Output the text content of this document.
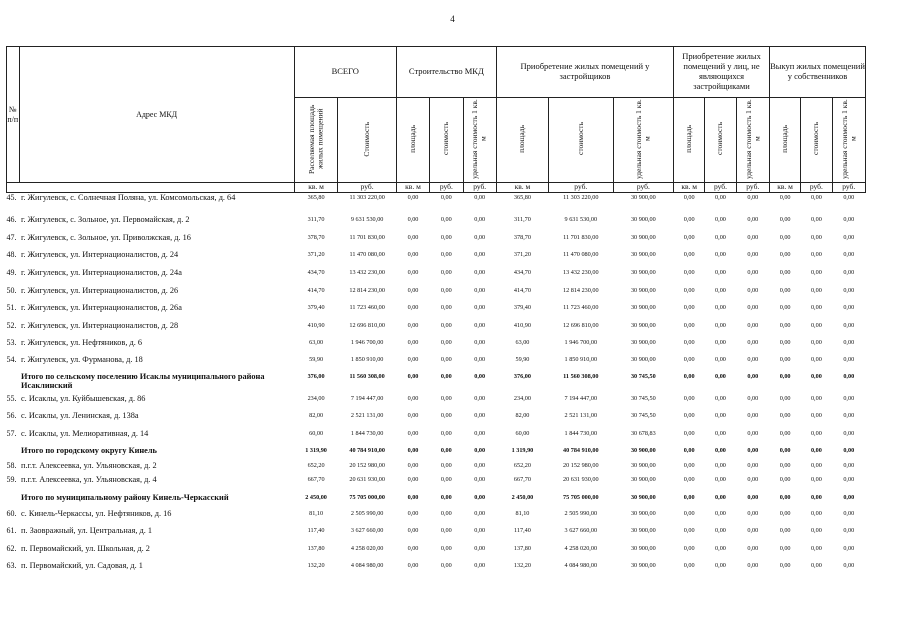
4
№ п/п	Адрес МКД	ВСЕГО		Строительство МКД			Приобретение жилых помещений у застройщиков			Приобретение жилых помещений у лиц, не являющихся застройщиками			Выкуп жилых помещений у собственников		
		Расселяемая площадь жилых помещений	Стоимость	площадь	стоимость	удельная стоимость 1 кв. м	площадь	стоимость	удельная стоимость 1 кв. м	площадь	стоимость	удельная стоимость 1 кв. м	площадь	стоимость	удельная стоимость 1 кв. м
		кв. м	руб.	кв. м	руб.	руб.	кв. м	руб.	руб.	кв. м	руб.	руб.	кв. м	руб.	руб.
45.	г. Жигулевск, с. Солнечная Поляна, ул. Комсомольская, д. 64	365,80	11 303 220,00	0,00	0,00	0,00	365,80	11 303 220,00	30 900,00	0,00	0,00	0,00	0,00	0,00	0,00
46.	г. Жигулевск, с. Зольное, ул. Первомайская, д. 2	311,70	9 631 530,00	0,00	0,00	0,00	311,70	9 631 530,00	30 900,00	0,00	0,00	0,00	0,00	0,00	0,00
47.	г. Жигулевск, с. Зольное, ул. Приволжская, д. 16	378,70	11 701 830,00	0,00	0,00	0,00	378,70	11 701 830,00	30 900,00	0,00	0,00	0,00	0,00	0,00	0,00
48.	г. Жигулевск, ул. Интернационалистов, д. 24	371,20	11 470 080,00	0,00	0,00	0,00	371,20	11 470 080,00	30 900,00	0,00	0,00	0,00	0,00	0,00	0,00
49.	г. Жигулевск, ул. Интернационалистов, д. 24а	434,70	13 432 230,00	0,00	0,00	0,00	434,70	13 432 230,00	30 900,00	0,00	0,00	0,00	0,00	0,00	0,00
50.	г. Жигулевск, ул. Интернационалистов, д. 26	414,70	12 814 230,00	0,00	0,00	0,00	414,70	12 814 230,00	30 900,00	0,00	0,00	0,00	0,00	0,00	0,00
51.	г. Жигулевск, ул. Интернационалистов, д. 26а	379,40	11 723 460,00	0,00	0,00	0,00	379,40	11 723 460,00	30 900,00	0,00	0,00	0,00	0,00	0,00	0,00
52.	г. Жигулевск, ул. Интернационалистов, д. 28	410,90	12 696 810,00	0,00	0,00	0,00	410,90	12 696 810,00	30 900,00	0,00	0,00	0,00	0,00	0,00	0,00
53.	г. Жигулевск, ул. Нефтяников, д. 6	63,00	1 946 700,00	0,00	0,00	0,00	63,00	1 946 700,00	30 900,00	0,00	0,00	0,00	0,00	0,00	0,00
54.	г. Жигулевск, ул. Фурманова, д. 18	59,90	1 850 910,00	0,00	0,00	0,00	59,90	1 850 910,00	30 900,00	0,00	0,00	0,00	0,00	0,00	0,00
	Итого по сельскому поселению Исаклы муниципального района Исаклинский	376,00	11 560 308,00	0,00	0,00	0,00	376,00	11 560 308,00	30 745,50	0,00	0,00	0,00	0,00	0,00	0,00
55.	с. Исаклы, ул. Куйбышевская, д. 86	234,00	7 194 447,00	0,00	0,00	0,00	234,00	7 194 447,00	30 745,50	0,00	0,00	0,00	0,00	0,00	0,00
56.	с. Исаклы, ул. Ленинская, д. 138а	82,00	2 521 131,00	0,00	0,00	0,00	82,00	2 521 131,00	30 745,50	0,00	0,00	0,00	0,00	0,00	0,00
57.	с. Исаклы, ул. Мелиоративная, д. 14	60,00	1 844 730,00	0,00	0,00	0,00	60,00	1 844 730,00	30 678,83	0,00	0,00	0,00	0,00	0,00	0,00
	Итого по городскому округу Кинель	1 319,90	40 784 910,00	0,00	0,00	0,00	1 319,90	40 784 910,00	30 900,00	0,00	0,00	0,00	0,00	0,00	0,00
58.	п.г.т. Алексеевка, ул. Ульяновская, д. 2	652,20	20 152 980,00	0,00	0,00	0,00	652,20	20 152 980,00	30 900,00	0,00	0,00	0,00	0,00	0,00	0,00
59.	п.г.т. Алексеевка, ул. Ульяновская, д. 4	667,70	20 631 930,00	0,00	0,00	0,00	667,70	20 631 930,00	30 900,00	0,00	0,00	0,00	0,00	0,00	0,00
	Итого по муниципальному району Кинель-Черкасский	2 450,00	75 705 000,00	0,00	0,00	0,00	2 450,00	75 705 000,00	30 900,00	0,00	0,00	0,00	0,00	0,00	0,00
60.	с. Кинель-Черкассы, ул. Нефтяников, д. 16	81,10	2 505 990,00	0,00	0,00	0,00	81,10	2 505 990,00	30 900,00	0,00	0,00	0,00	0,00	0,00	0,00
61.	п. Заовражный, ул. Центральная, д. 1	117,40	3 627 660,00	0,00	0,00	0,00	117,40	3 627 660,00	30 900,00	0,00	0,00	0,00	0,00	0,00	0,00
62.	п. Первомайский, ул. Школьная, д. 2	137,80	4 258 020,00	0,00	0,00	0,00	137,80	4 258 020,00	30 900,00	0,00	0,00	0,00	0,00	0,00	0,00
63.	п. Первомайский, ул. Садовая, д. 1	132,20	4 084 980,00	0,00	0,00	0,00	132,20	4 084 980,00	30 900,00	0,00	0,00	0,00	0,00	0,00	0,00
